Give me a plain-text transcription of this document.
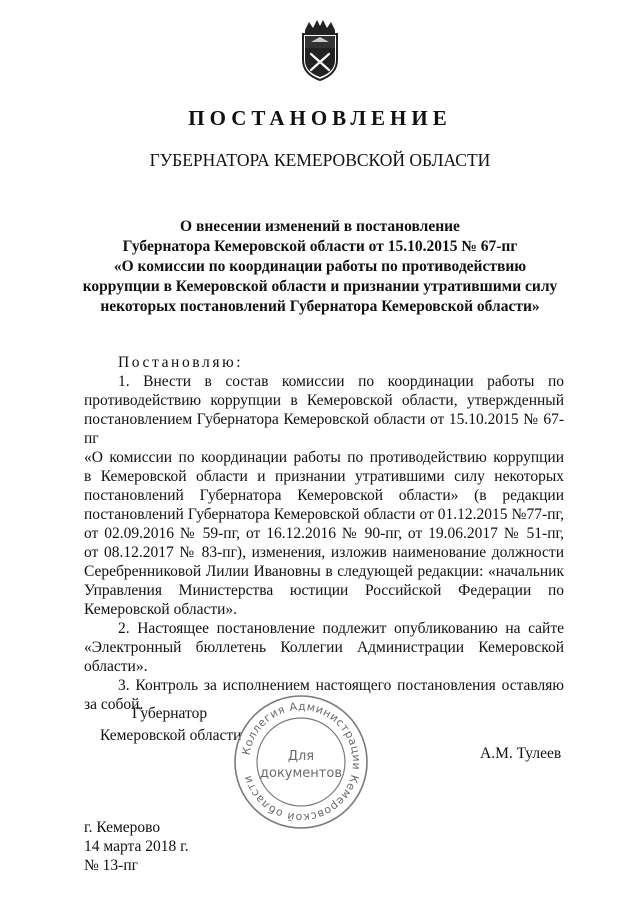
ПОСТАНОВЛЕНИЕ
ГУБЕРНАТОРА КЕМЕРОВСКОЙ ОБЛАСТИ
О внесении изменений в постановление
Губернатора Кемеровской области от 15.10.2015 № 67-пг
«О комиссии по координации работы по противодействию
коррупции в Кемеровской области и признании утратившими силу
некоторых постановлений Губернатора Кемеровской области»
Постановляю:
1. Внести в состав комиссии по координации работы по
противодействию коррупции в Кемеровской области, утвержденный
постановлением Губернатора Кемеровской области от 15.10.2015 № 67-пг
«О комиссии по координации работы по противодействию коррупции
в Кемеровской области и признании утратившими силу некоторых
постановлений Губернатора Кемеровской области» (в редакции
постановлений Губернатора Кемеровской области от 01.12.2015 №77-пг,
от 02.09.2016 № 59-пг, от 16.12.2016 № 90-пг, от 19.06.2017 № 51-пг,
от 08.12.2017 № 83-пг), изменения, изложив наименование должности
Серебренниковой Лилии Ивановны в следующей редакции: «начальник
Управления Министерства юстиции Российской Федерации по
Кемеровской области».
2. Настоящее постановление подлежит опубликованию на сайте
«Электронный бюллетень Коллегии Администрации Кемеровской
области».
3. Контроль за исполнением настоящего постановления оставляю
за собой.
Губернатор
Кемеровской области
А.М. Тулеев
Коллегия Администрации Кемеровской области
Для
документов
г. Кемерово
14 марта 2018 г.
№ 13-пг
